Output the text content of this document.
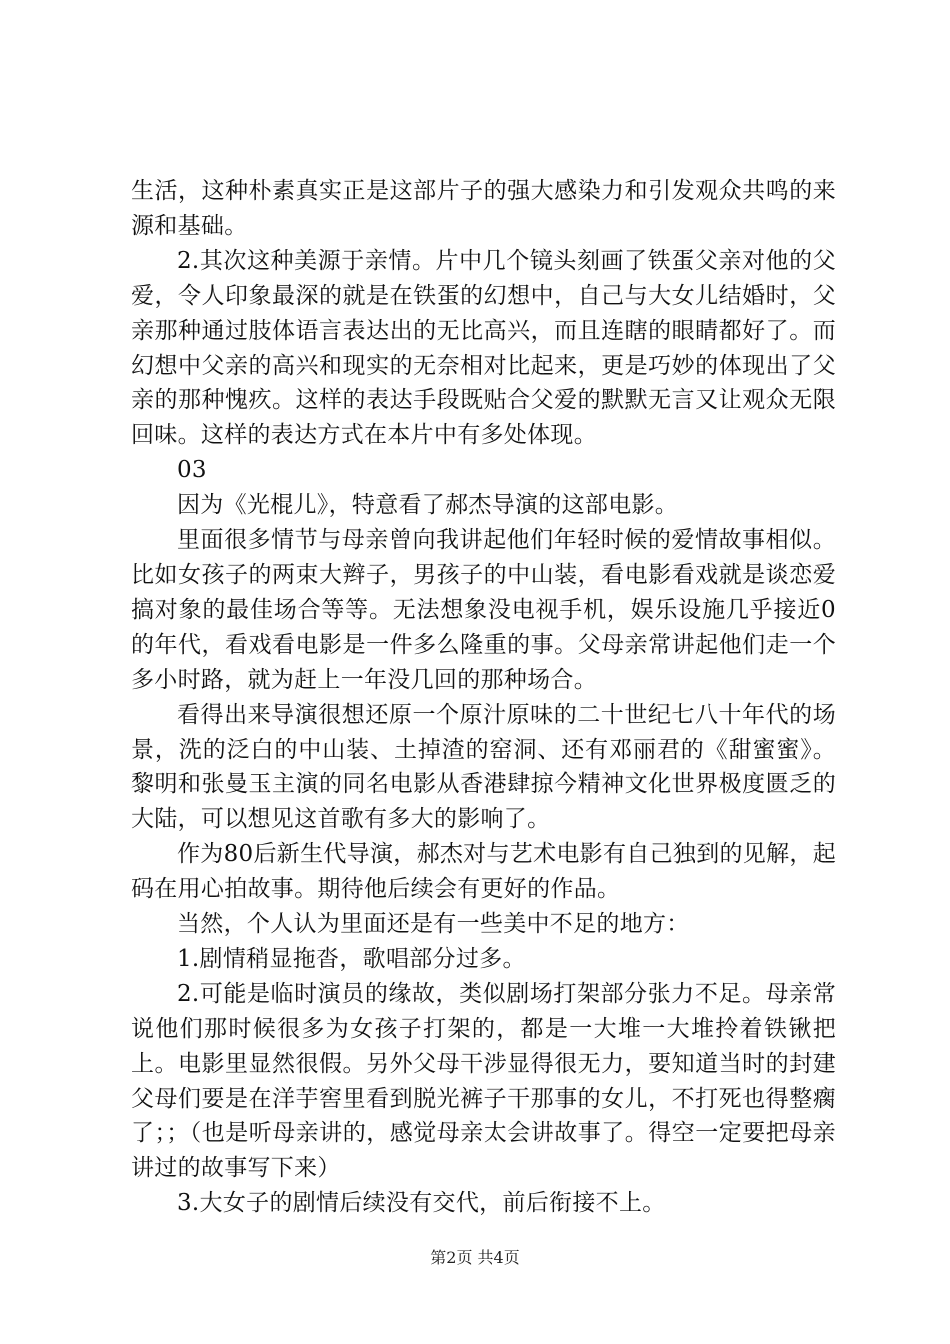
生活，这种朴素真实正是这部片子的强大感染力和引发观众共鸣的来源和基础。

2.其次这种美源于亲情。片中几个镜头刻画了铁蛋父亲对他的父爱，令人印象最深的就是在铁蛋的幻想中，自己与大女儿结婚时，父亲那种通过肢体语言表达出的无比高兴，而且连瞎的眼睛都好了。而幻想中父亲的高兴和现实的无奈相对比起来，更是巧妙的体现出了父亲的那种愧疚。这样的表达手段既贴合父爱的默默无言又让观众无限回味。这样的表达方式在本片中有多处体现。

03

因为《光棍儿》，特意看了郝杰导演的这部电影。

里面很多情节与母亲曾向我讲起他们年轻时候的爱情故事相似。比如女孩子的两束大辫子，男孩子的中山装，看电影看戏就是谈恋爱搞对象的最佳场合等等。无法想象没电视手机，娱乐设施几乎接近0的年代，看戏看电影是一件多么隆重的事。父母亲常讲起他们走一个多小时路，就为赶上一年没几回的那种场合。

看得出来导演很想还原一个原汁原味的二十世纪七八十年代的场景，洗的泛白的中山装、土掉渣的窑洞、还有邓丽君的《甜蜜蜜》。黎明和张曼玉主演的同名电影从香港肆掠今精神文化世界极度匮乏的大陆，可以想见这首歌有多大的影响了。

作为80后新生代导演，郝杰对与艺术电影有自己独到的见解，起码在用心拍故事。期待他后续会有更好的作品。

当然，个人认为里面还是有一些美中不足的地方：

1.剧情稍显拖沓，歌唱部分过多。

2.可能是临时演员的缘故，类似剧场打架部分张力不足。母亲常说他们那时候很多为女孩子打架的，都是一大堆一大堆拎着铁锹把上。电影里显然很假。另外父母干涉显得很无力，要知道当时的封建父母们要是在洋芋窖里看到脱光裤子干那事的女儿，不打死也得整瘸了；；（也是听母亲讲的，感觉母亲太会讲故事了。得空一定要把母亲讲过的故事写下来）

3.大女子的剧情后续没有交代，前后衔接不上。

第2页 共4页
